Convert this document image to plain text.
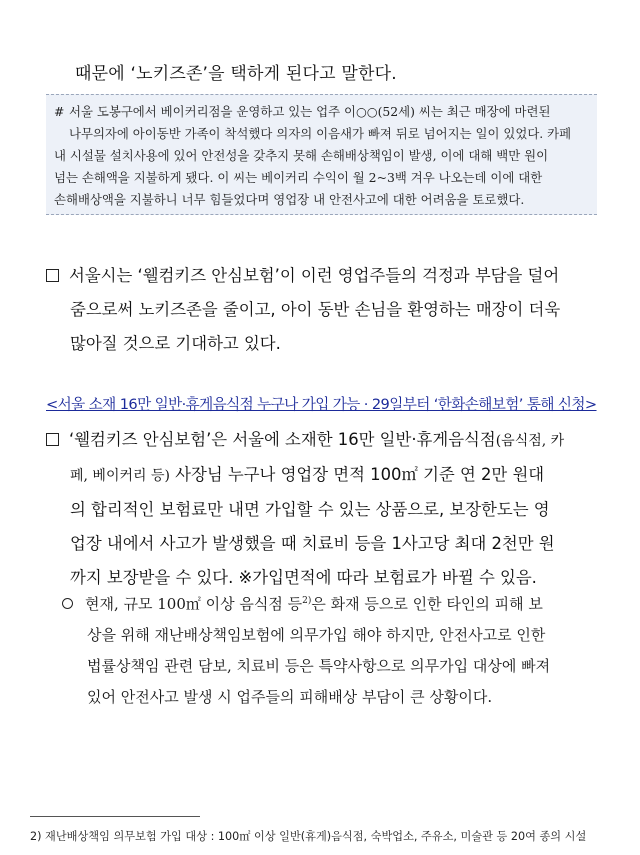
때문에 ‘노키즈존’을 택하게 된다고 말한다.
# 서울 도봉구에서 베이커리점을 운영하고 있는 업주 이○○(52세) 씨는 최근 매장에 마련된
나무의자에 아이동반 가족이 착석했다 의자의 이음새가 빠져 뒤로 넘어지는 일이 있었다. 카페
내 시설물 설치사용에 있어 안전성을 갖추지 못해 손해배상책임이 발생, 이에 대해 백만 원이
넘는 손해액을 지불하게 됐다. 이 씨는 베이커리 수익이 월 2~3백 겨우 나오는데 이에 대한
손해배상액을 지불하니 너무 힘들었다며 영업장 내 안전사고에 대한 어려움을 토로했다.
서울시는 ‘웰컴키즈 안심보험’이 이런 영업주들의 걱정과 부담을 덜어
줌으로써 노키즈존을 줄이고, 아이 동반 손님을 환영하는 매장이 더욱
많아질 것으로 기대하고 있다.
<서울 소재 16만 일반·휴게음식점 누구나 가입 가능 · 29일부터 ‘한화손해보험’ 통해 신청>
‘웰컴키즈 안심보험’은 서울에 소재한 16만 일반·휴게음식점(음식점, 카
페, 베이커리 등) 사장님 누구나 영업장 면적 100㎡ 기준 연 2만 원대
의 합리적인 보험료만 내면 가입할 수 있는 상품으로, 보장한도는 영
업장 내에서 사고가 발생했을 때 치료비 등을 1사고당 최대 2천만 원
까지 보장받을 수 있다. ※가입면적에 따라 보험료가 바뀔 수 있음.
현재, 규모 100㎡ 이상 음식점 등$^{2)}$은 화재 등으로 인한 타인의 피해 보
상을 위해 재난배상책임보험에 의무가입 해야 하지만, 안전사고로 인한
법률상책임 관련 담보, 치료비 등은 특약사항으로 의무가입 대상에 빠져
있어 안전사고 발생 시 업주들의 피해배상 부담이 큰 상황이다.
2) 재난배상책임 의무보험 가입 대상 : 100㎡ 이상 일반(휴게)음식점, 숙박업소, 주유소, 미술관 등 20여 종의 시설
